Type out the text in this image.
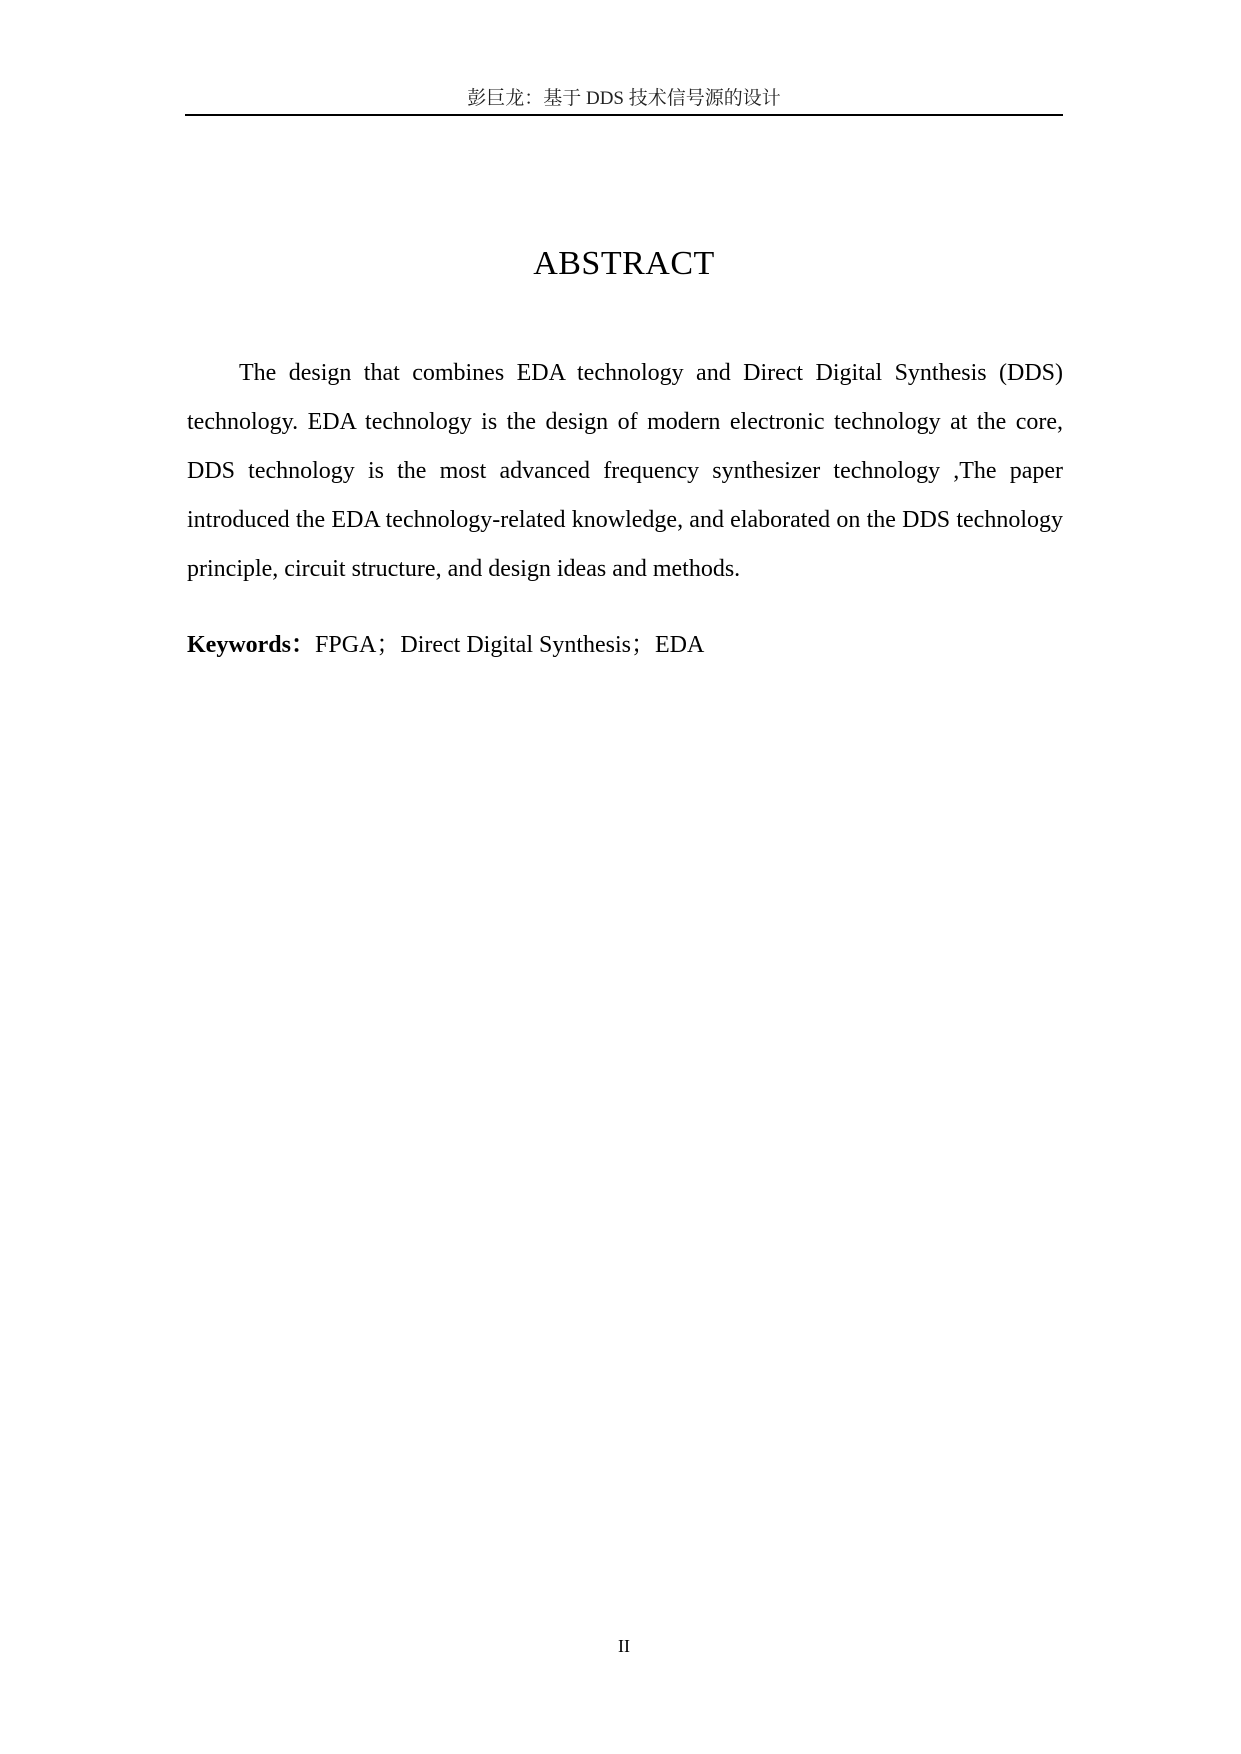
彭巨龙：基于 DDS 技术信号源的设计
ABSTRACT

The design that combines EDA technology and Direct Digital Synthesis (DDS) technology. EDA technology is the design of modern electronic technology at the core, DDS technology is the most advanced frequency synthesizer technology ,The paper introduced the EDA technology-related knowledge, and elaborated on the DDS technology principle, circuit structure, and design ideas and methods.

Keywords：FPGA；Direct Digital Synthesis；EDA

II
